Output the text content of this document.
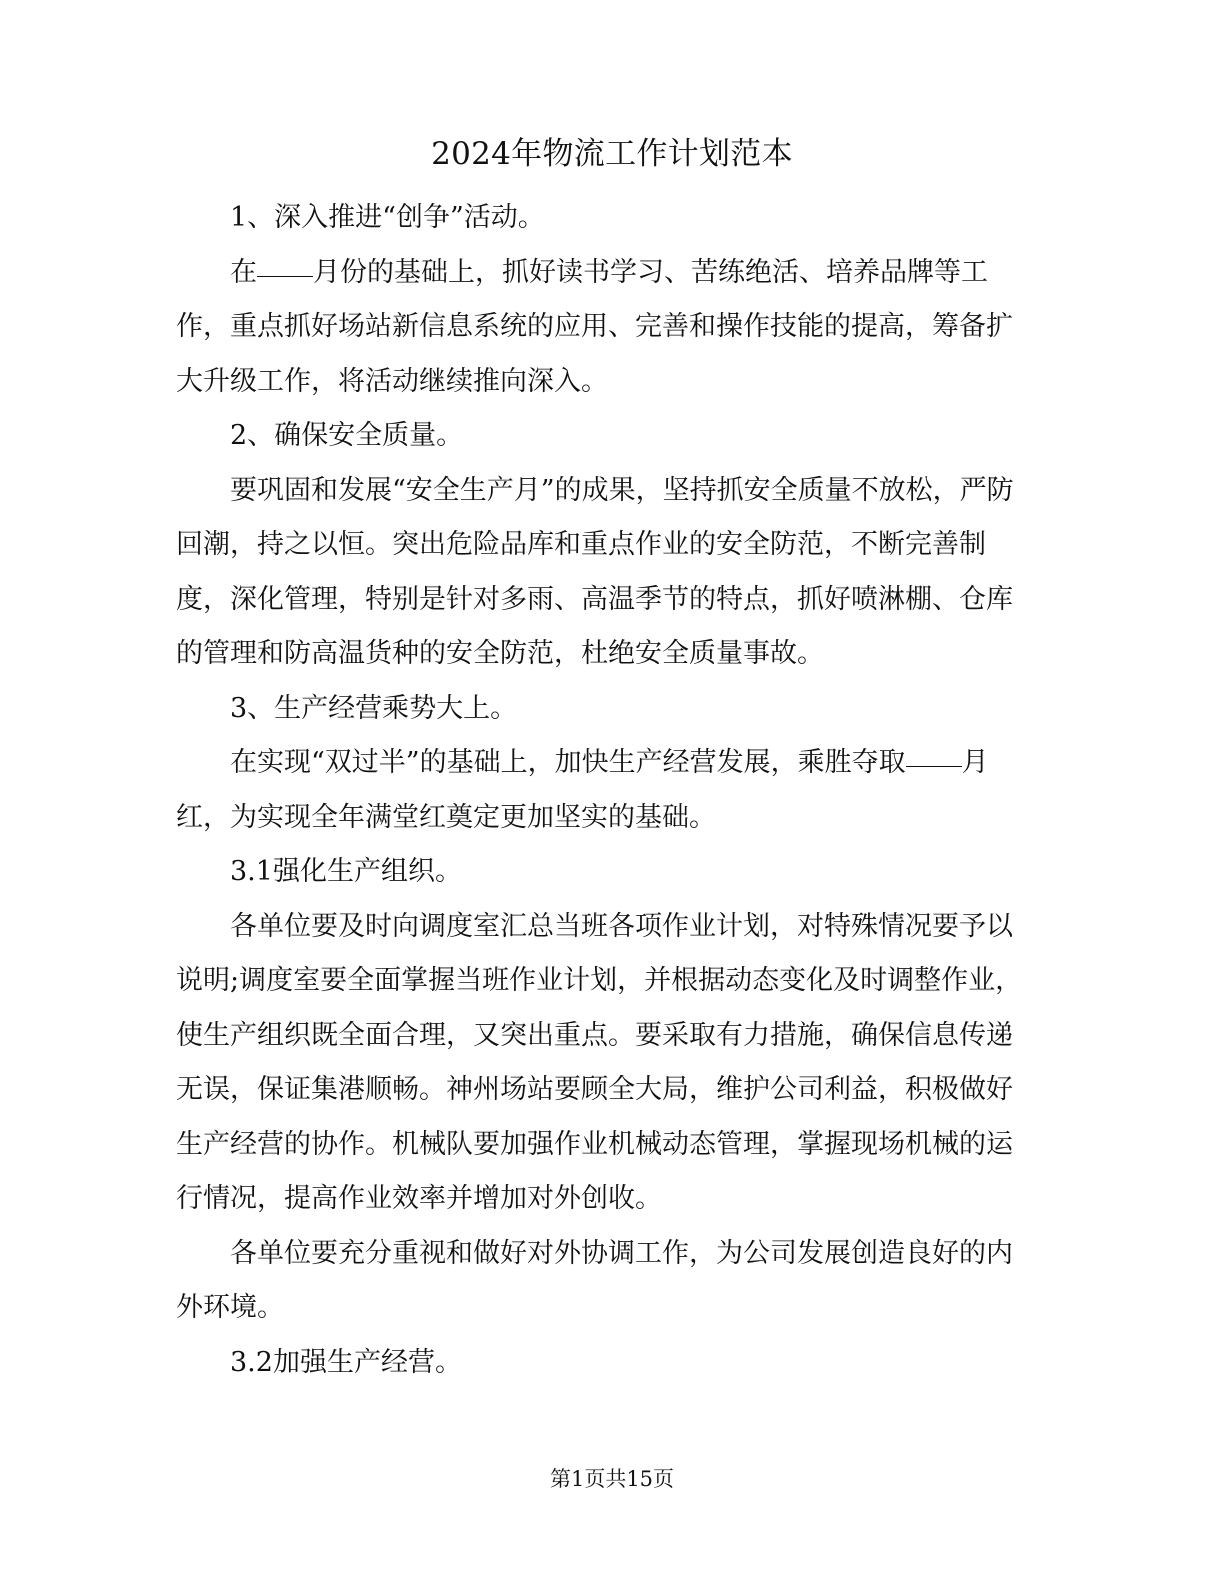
2024年物流工作计划范本

1、深入推进“创争”活动。

在 月份的基础上，抓好读书学习、苦练绝活、培养品牌等工作，重点抓好场站新信息系统的应用、完善和操作技能的提高，筹备扩大升级工作，将活动继续推向深入。

2、确保安全质量。

要巩固和发展“安全生产月”的成果，坚持抓安全质量不放松，严防回潮，持之以恒。突出危险品库和重点作业的安全防范，不断完善制度，深化管理，特别是针对多雨、高温季节的特点，抓好喷淋棚、仓库的管理和防高温货种的安全防范，杜绝安全质量事故。

3、生产经营乘势大上。

在实现“双过半”的基础上，加快生产经营发展，乘胜夺取 月红，为实现全年满堂红奠定更加坚实的基础。

3.1强化生产组织。

各单位要及时向调度室汇总当班各项作业计划，对特殊情况要予以说明;调度室要全面掌握当班作业计划，并根据动态变化及时调整作业，使生产组织既全面合理，又突出重点。要采取有力措施，确保信息传递无误，保证集港顺畅。神州场站要顾全大局，维护公司利益，积极做好生产经营的协作。机械队要加强作业机械动态管理，掌握现场机械的运行情况，提高作业效率并增加对外创收。

各单位要充分重视和做好对外协调工作，为公司发展创造良好的内外环境。

3.2加强生产经营。

第1页共15页
